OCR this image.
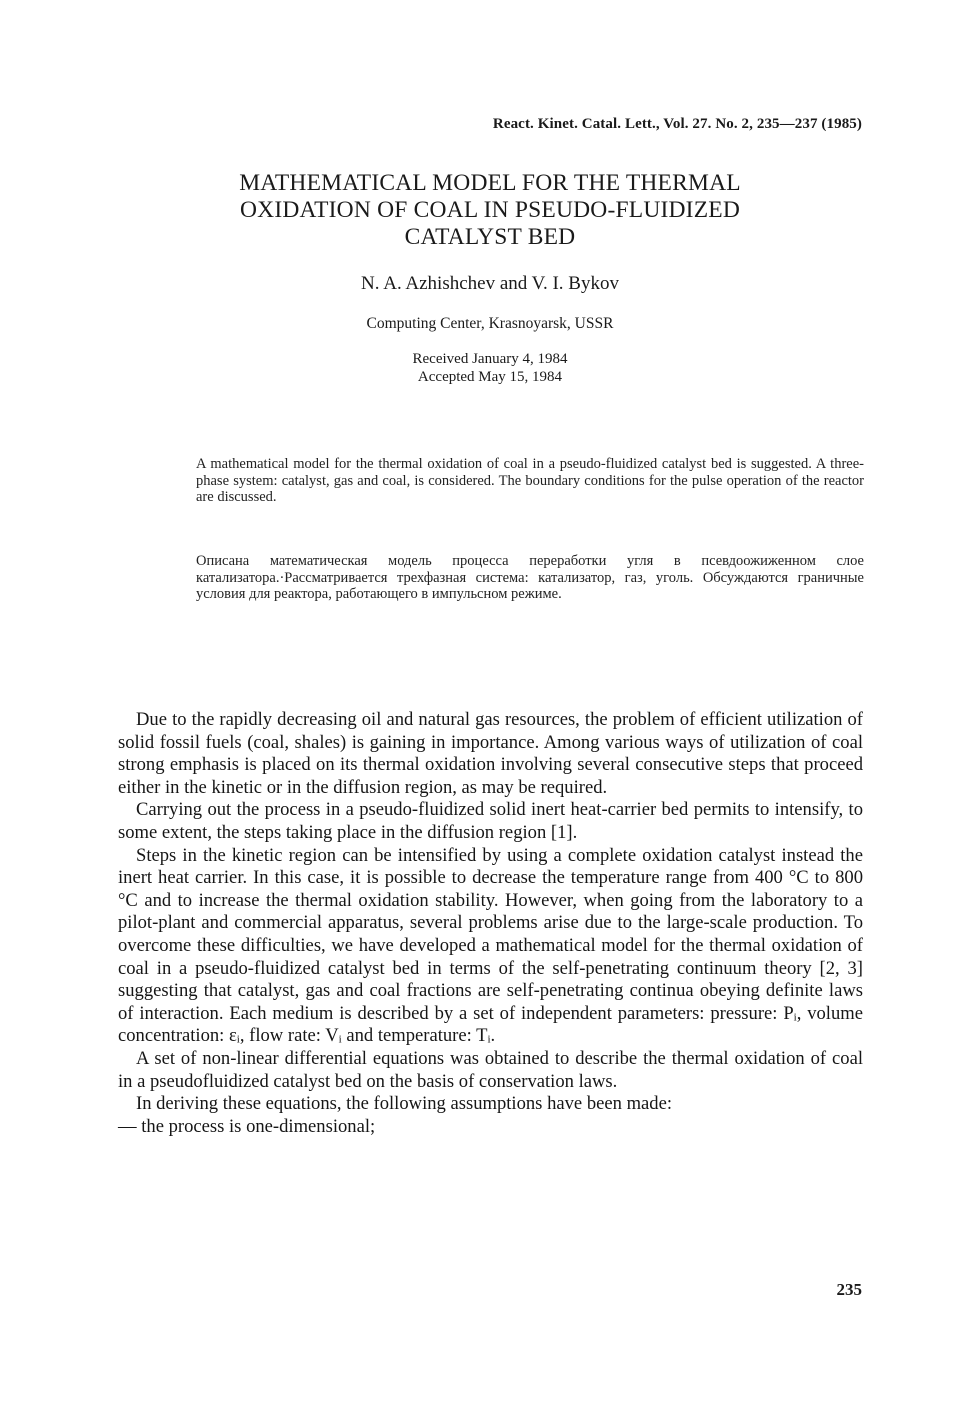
React. Kinet. Catal. Lett., Vol. 27. No. 2, 235—237 (1985)
MATHEMATICAL MODEL FOR THE THERMAL
OXIDATION OF COAL IN PSEUDO-FLUIDIZED
CATALYST BED
N. A. Azhishchev and V. I. Bykov
Computing Center, Krasnoyarsk, USSR
Received January 4, 1984
Accepted May 15, 1984

A mathematical model for the thermal oxidation of coal in a pseudo-fluidized catalyst bed is suggested. A three-phase system: catalyst, gas and coal, is considered. The boundary conditions for the pulse operation of the reactor are discussed.

Описана математическая модель процесса переработки угля в псевдоожиженном слое катализатора.·Рассматривается трехфазная система: катализатор, газ, уголь. Обсуждаются граничные условия для реактора, работающего в импульсном режиме.

Due to the rapidly decreasing oil and natural gas resources, the problem of efficient utilization of solid fossil fuels (coal, shales) is gaining in importance. Among various ways of utilization of coal strong emphasis is placed on its thermal oxidation involving several consecutive steps that proceed either in the kinetic or in the diffusion region, as may be required.

Carrying out the process in a pseudo-fluidized solid inert heat-carrier bed permits to intensify, to some extent, the steps taking place in the diffusion region [1].

Steps in the kinetic region can be intensified by using a complete oxidation catalyst instead the inert heat carrier. In this case, it is possible to decrease the temperature range from 400 °C to 800 °C and to increase the thermal oxidation stability. However, when going from the laboratory to a pilot-plant and commercial apparatus, several problems arise due to the large-scale production. To overcome these difficulties, we have developed a mathematical model for the thermal oxidation of coal in a pseudo-fluidized catalyst bed in terms of the self-penetrating continuum theory [2, 3] suggesting that catalyst, gas and coal fractions are self-penetrating continua obeying definite laws of interaction. Each medium is described by a set of independent parameters: pressure: Pᵢ, volume concentration: εᵢ, flow rate: Vᵢ and temperature: Tᵢ.

A set of non-linear differential equations was obtained to describe the thermal oxidation of coal in a pseudofluidized catalyst bed on the basis of conservation laws.

In deriving these equations, the following assumptions have been made:

— the process is one-dimensional;

235
